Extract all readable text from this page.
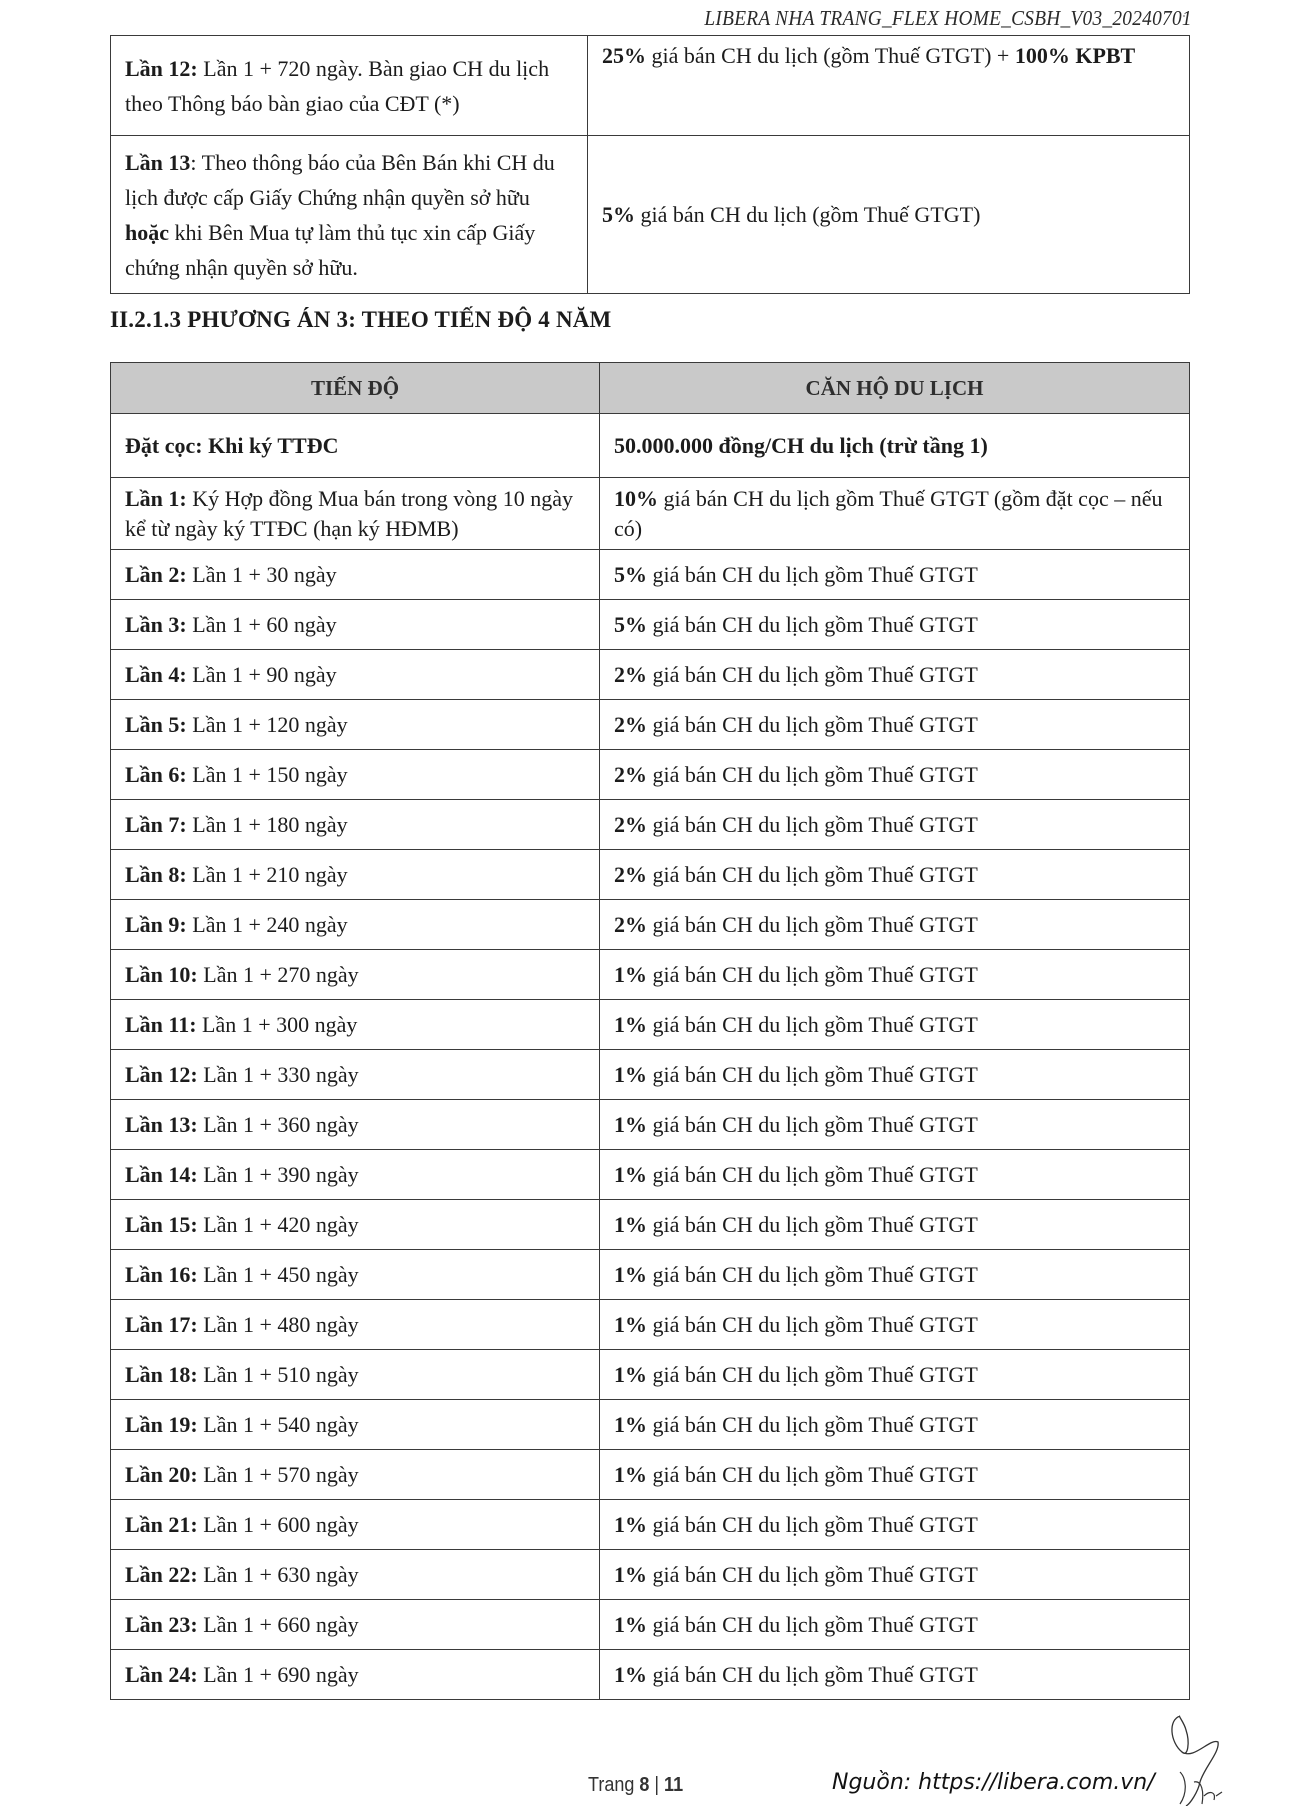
LIBERA NHA TRANG_FLEX HOME_CSBH_V03_20240701
Lần 12: Lần 1 + 720 ngày. Bàn giao CH du lịch theo Thông báo bàn giao của CĐT (*)	25% giá bán CH du lịch (gồm Thuế GTGT) + 100% KPBT
Lần 13: Theo thông báo của Bên Bán khi CH du lịch được cấp Giấy Chứng nhận quyền sở hữu hoặc khi Bên Mua tự làm thủ tục xin cấp Giấy chứng nhận quyền sở hữu.	5% giá bán CH du lịch (gồm Thuế GTGT)
II.2.1.3 PHƯƠNG ÁN 3: THEO TIẾN ĐỘ 4 NĂM
TIẾN ĐỘ	CĂN HỘ DU LỊCH
Đặt cọc: Khi ký TTĐC	50.000.000 đồng/CH du lịch (trừ tầng 1)
Lần 1: Ký Hợp đồng Mua bán trong vòng 10 ngày kể từ ngày ký TTĐC (hạn ký HĐMB)	10% giá bán CH du lịch gồm Thuế GTGT (gồm đặt cọc – nếu có)
Lần 2: Lần 1 + 30 ngày	5% giá bán CH du lịch gồm Thuế GTGT
Lần 3: Lần 1 + 60 ngày	5% giá bán CH du lịch gồm Thuế GTGT
Lần 4: Lần 1 + 90 ngày	2% giá bán CH du lịch gồm Thuế GTGT
Lần 5: Lần 1 + 120 ngày	2% giá bán CH du lịch gồm Thuế GTGT
Lần 6: Lần 1 + 150 ngày	2% giá bán CH du lịch gồm Thuế GTGT
Lần 7: Lần 1 + 180 ngày	2% giá bán CH du lịch gồm Thuế GTGT
Lần 8: Lần 1 + 210 ngày	2% giá bán CH du lịch gồm Thuế GTGT
Lần 9: Lần 1 + 240 ngày	2% giá bán CH du lịch gồm Thuế GTGT
Lần 10: Lần 1 + 270 ngày	1% giá bán CH du lịch gồm Thuế GTGT
Lần 11: Lần 1 + 300 ngày	1% giá bán CH du lịch gồm Thuế GTGT
Lần 12: Lần 1 + 330 ngày	1% giá bán CH du lịch gồm Thuế GTGT
Lần 13: Lần 1 + 360 ngày	1% giá bán CH du lịch gồm Thuế GTGT
Lần 14: Lần 1 + 390 ngày	1% giá bán CH du lịch gồm Thuế GTGT
Lần 15: Lần 1 + 420 ngày	1% giá bán CH du lịch gồm Thuế GTGT
Lần 16: Lần 1 + 450 ngày	1% giá bán CH du lịch gồm Thuế GTGT
Lần 17: Lần 1 + 480 ngày	1% giá bán CH du lịch gồm Thuế GTGT
Lần 18: Lần 1 + 510 ngày	1% giá bán CH du lịch gồm Thuế GTGT
Lần 19: Lần 1 + 540 ngày	1% giá bán CH du lịch gồm Thuế GTGT
Lần 20: Lần 1 + 570 ngày	1% giá bán CH du lịch gồm Thuế GTGT
Lần 21: Lần 1 + 600 ngày	1% giá bán CH du lịch gồm Thuế GTGT
Lần 22: Lần 1 + 630 ngày	1% giá bán CH du lịch gồm Thuế GTGT
Lần 23: Lần 1 + 660 ngày	1% giá bán CH du lịch gồm Thuế GTGT
Lần 24: Lần 1 + 690 ngày	1% giá bán CH du lịch gồm Thuế GTGT
Trang 8 | 11	Nguồn: https://libera.com.vn/
